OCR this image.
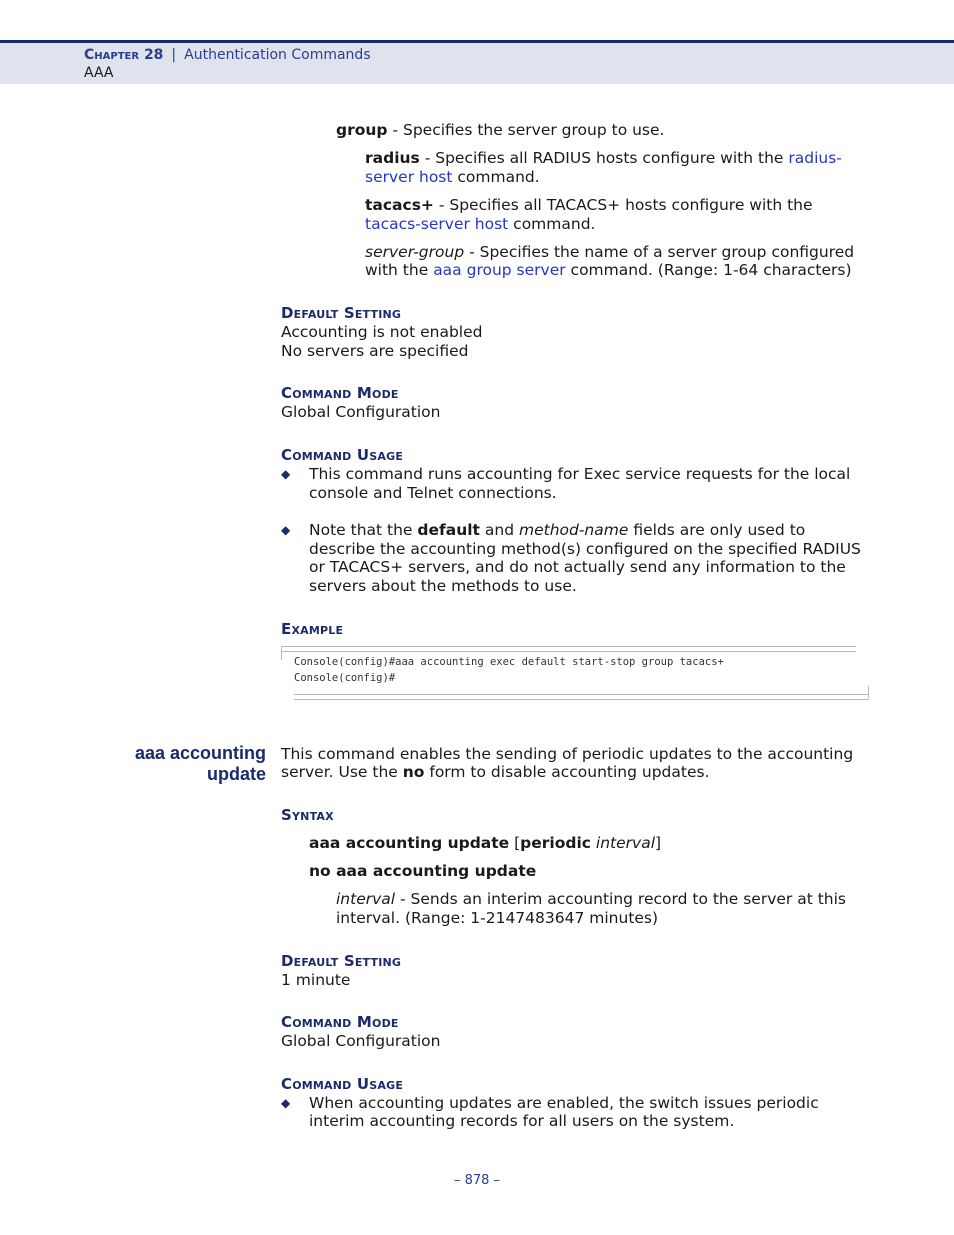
Chapter 28 | Authentication Commands
AAA
group - Specifies the server group to use.
radius - Specifies all RADIUS hosts configure with the radius-
server host command.
tacacs+ - Specifies all TACACS+ hosts configure with the
tacacs-server host command.
server-group - Specifies the name of a server group configured
with the aaa group server command. (Range: 1-64 characters)
Default Setting
Accounting is not enabled
No servers are specified
Command Mode
Global Configuration
Command Usage
◆ This command runs accounting for Exec service requests for the local
console and Telnet connections.
◆ Note that the default and method-name fields are only used to
describe the accounting method(s) configured on the specified RADIUS
or TACACS+ servers, and do not actually send any information to the
servers about the methods to use.
Example
Console(config)#aaa accounting exec default start-stop group tacacs+
Console(config)#
aaa accounting
update
This command enables the sending of periodic updates to the accounting
server. Use the no form to disable accounting updates.
Syntax
aaa accounting update [periodic interval]
no aaa accounting update
interval - Sends an interim accounting record to the server at this
interval. (Range: 1-2147483647 minutes)
Default Setting
1 minute
Command Mode
Global Configuration
Command Usage
◆ When accounting updates are enabled, the switch issues periodic
interim accounting records for all users on the system.
– 878 –
